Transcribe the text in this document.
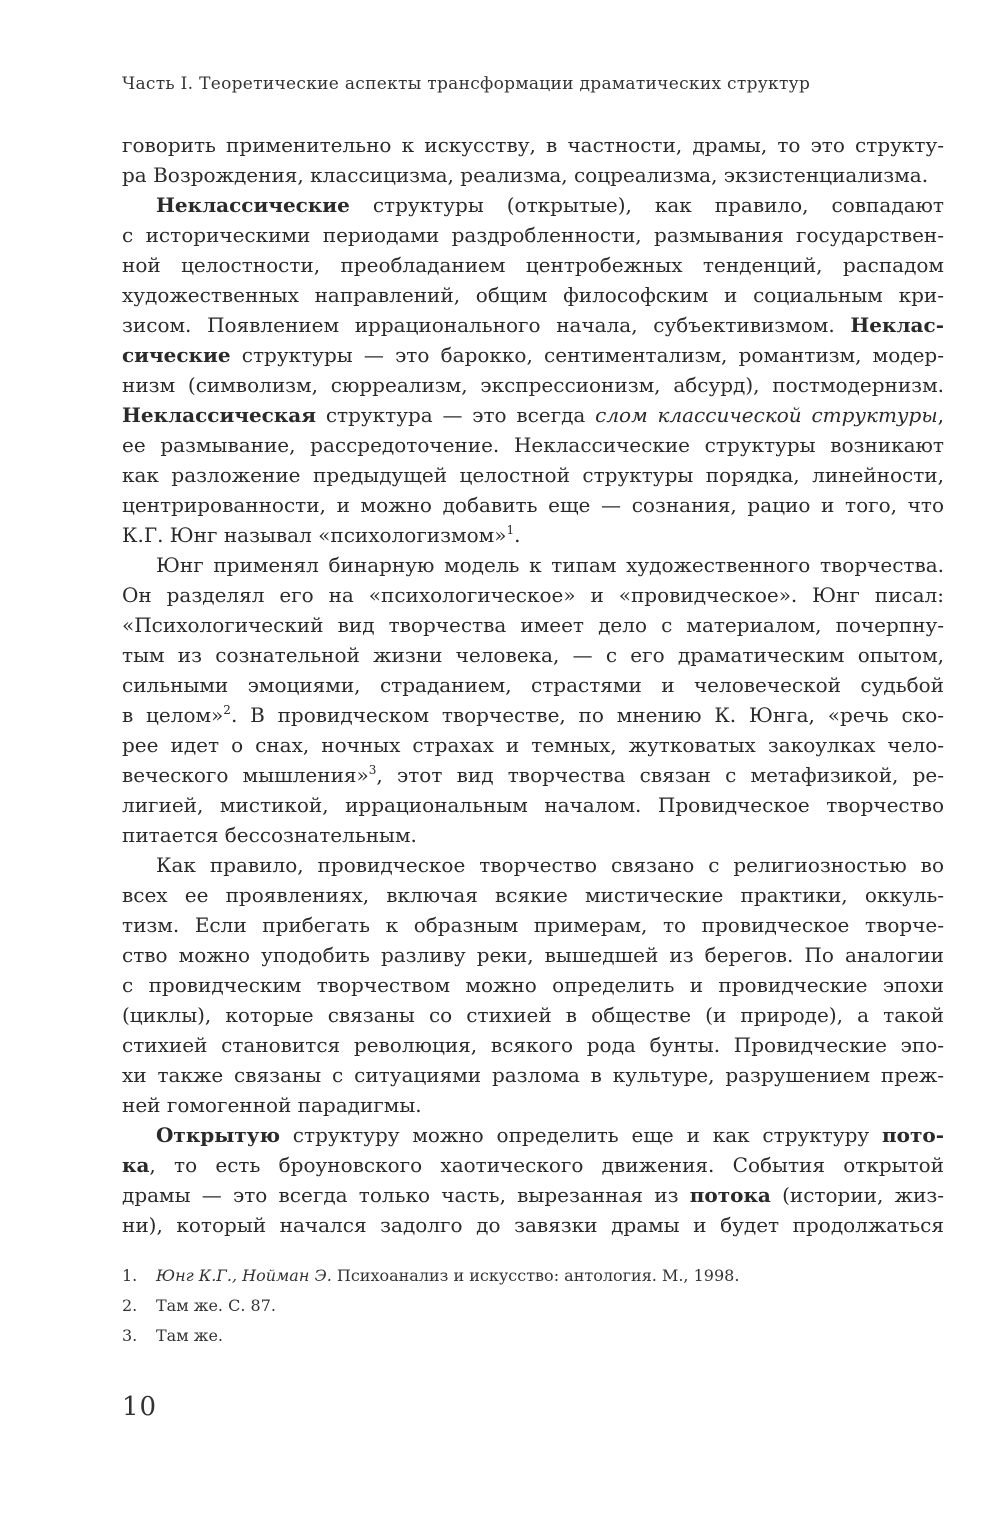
Часть I. Теоретические аспекты трансформации драматических структур
говорить применительно к искусству, в частности, драмы, то это структу-
ра Возрождения, классицизма, реализма, соцреализма, экзистенциализма.
Неклассические структуры (открытые), как правило, совпадают
с историческими периодами раздробленности, размывания государствен-
ной целостности, преобладанием центробежных тенденций, распадом
художественных направлений, общим философским и социальным кри-
зисом. Появлением иррационального начала, субъективизмом. Неклас-
сические структуры — это барокко, сентиментализм, романтизм, модер-
низм (символизм, сюрреализм, экспрессионизм, абсурд), постмодернизм.
Неклассическая структура — это всегда слом классической структуры,
ее размывание, рассредоточение. Неклассические структуры возникают
как разложение предыдущей целостной структуры порядка, линейности,
центрированности, и можно добавить еще — сознания, рацио и того, что
К.Г. Юнг называл «психологизмом»$^1$.
Юнг применял бинарную модель к типам художественного творчества.
Он разделял его на «психологическое» и «провидческое». Юнг писал:
«Психологический вид творчества имеет дело с материалом, почерпну-
тым из сознательной жизни человека, — с его драматическим опытом,
сильными эмоциями, страданием, страстями и человеческой судьбой
в целом»$^2$. В провидческом творчестве, по мнению К. Юнга, «речь ско-
рее идет о снах, ночных страхах и темных, жутковатых закоулках чело-
веческого мышления»$^3$, этот вид творчества связан с метафизикой, ре-
лигией, мистикой, иррациональным началом. Провидческое творчество
питается бессознательным.
Как правило, провидческое творчество связано с религиозностью во
всех ее проявлениях, включая всякие мистические практики, оккуль-
тизм. Если прибегать к образным примерам, то провидческое творче-
ство можно уподобить разливу реки, вышедшей из берегов. По аналогии
с провидческим творчеством можно определить и провидческие эпохи
(циклы), которые связаны со стихией в обществе (и природе), а такой
стихией становится революция, всякого рода бунты. Провидческие эпо-
хи также связаны с ситуациями разлома в культуре, разрушением преж-
ней гомогенной парадигмы.
Открытую структуру можно определить еще и как структуру пото-
ка, то есть броуновского хаотического движения. События открытой
драмы — это всегда только часть, вырезанная из потока (истории, жиз-
ни), который начался задолго до завязки драмы и будет продолжаться
1. Юнг К.Г., Нойман Э. Психоанализ и искусство: антология. М., 1998.
2. Там же. С. 87.
3. Там же.
10
